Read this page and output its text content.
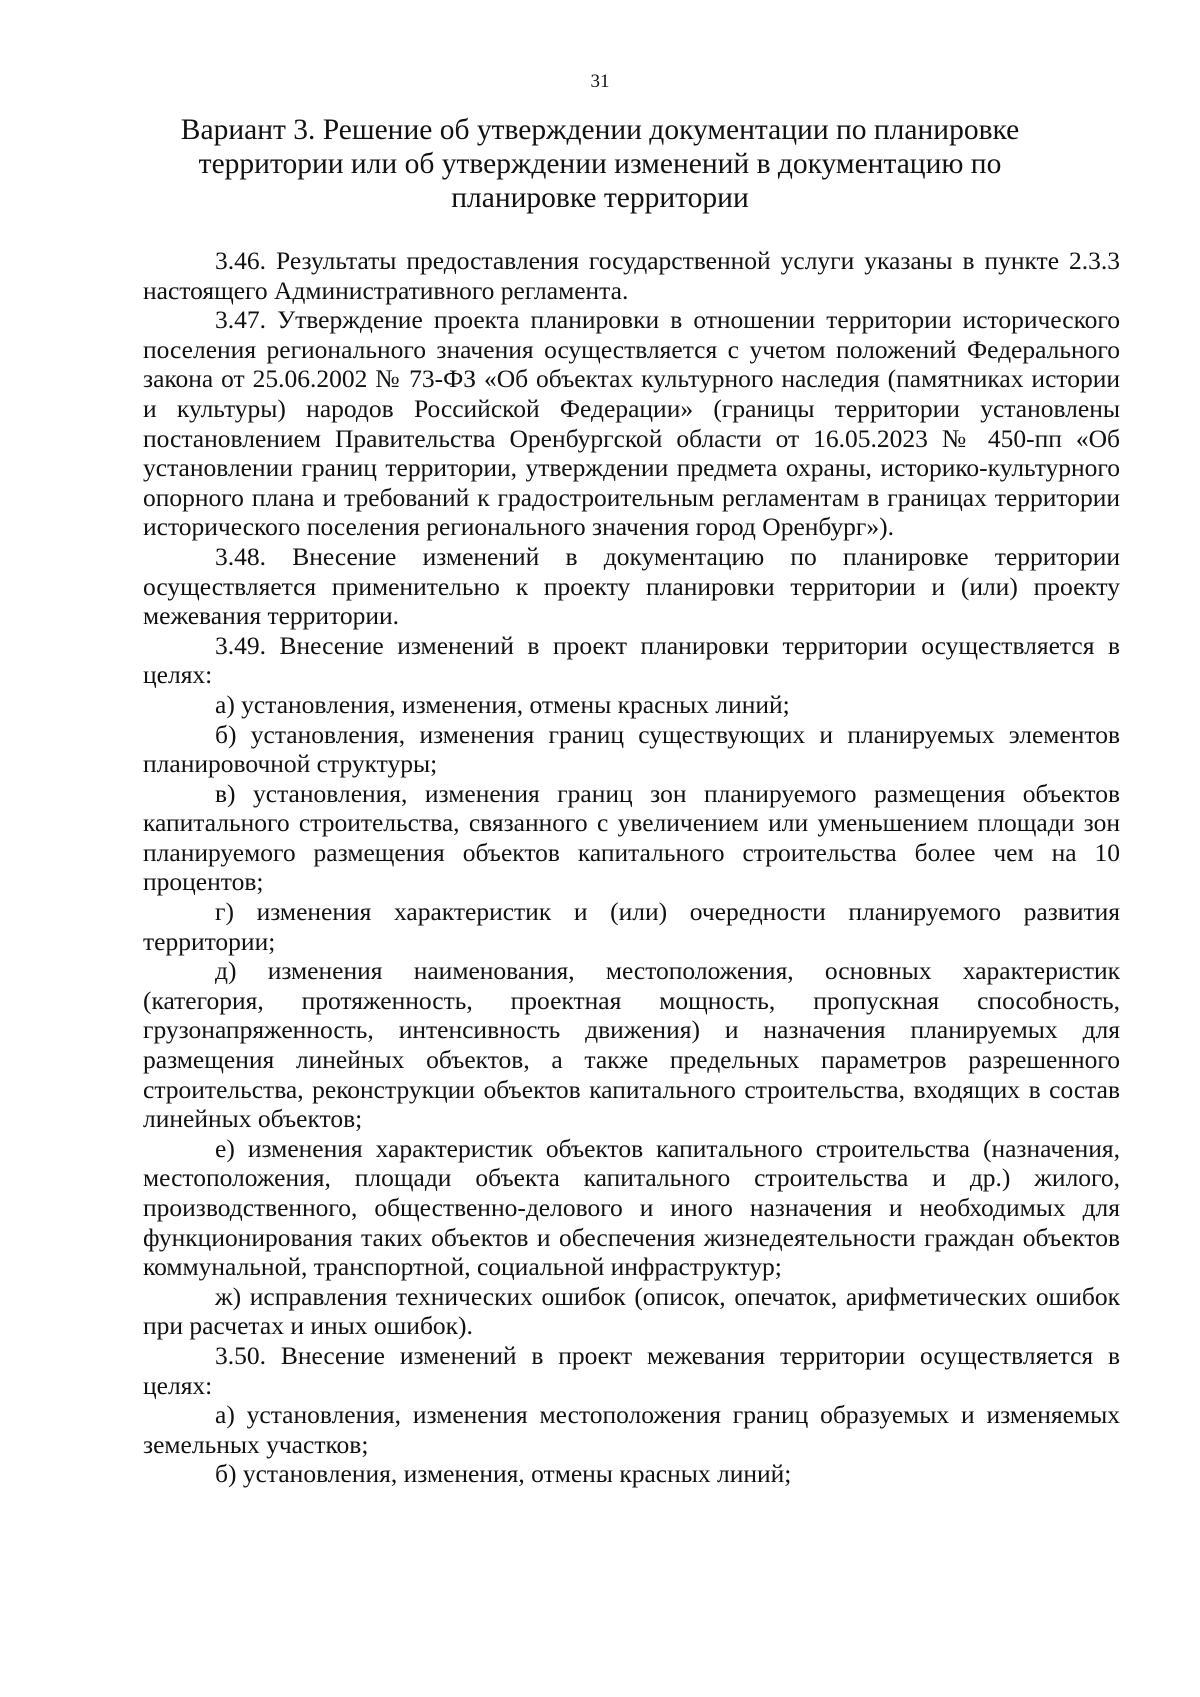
31
Вариант 3. Решение об утверждении документации по планировке территории или об утверждении изменений в документацию по планировке территории

3.46. Результаты предоставления государственной услуги указаны в пункте 2.3.3 настоящего Административного регламента.

3.47. Утверждение проекта планировки в отношении территории исторического поселения регионального значения осуществляется с учетом положений Федерального закона от 25.06.2002 № 73-ФЗ «Об объектах культурного наследия (памятниках истории и культуры) народов Российской Федерации» (границы территории установлены постановлением Правительства Оренбургской области от 16.05.2023 № 450-пп «Об установлении границ территории, утверждении предмета охраны, историко-культурного опорного плана и требований к градостроительным регламентам в границах территории исторического поселения регионального значения город Оренбург»).

3.48. Внесение изменений в документацию по планировке территории осуществляется применительно к проекту планировки территории и (или) проекту межевания территории.

3.49. Внесение изменений в проект планировки территории осуществляется в целях:

а) установления, изменения, отмены красных линий;

б) установления, изменения границ существующих и планируемых элементов планировочной структуры;

в) установления, изменения границ зон планируемого размещения объектов капитального строительства, связанного с увеличением или уменьшением площади зон планируемого размещения объектов капитального строительства более чем на 10 процентов;

г) изменения характеристик и (или) очередности планируемого развития территории;

д) изменения наименования, местоположения, основных характеристик (категория, протяженность, проектная мощность, пропускная способность, грузонапряженность, интенсивность движения) и назначения планируемых для размещения линейных объектов, а также предельных параметров разрешенного строительства, реконструкции объектов капитального строительства, входящих в состав линейных объектов;

е) изменения характеристик объектов капитального строительства (назначения, местоположения, площади объекта капитального строительства и др.) жилого, производственного, общественно-делового и иного назначения и необходимых для функционирования таких объектов и обеспечения жизнедеятельности граждан объектов коммунальной, транспортной, социальной инфраструктур;

ж) исправления технических ошибок (описок, опечаток, арифметических ошибок при расчетах и иных ошибок).

3.50. Внесение изменений в проект межевания территории осуществляется в целях:

а) установления, изменения местоположения границ образуемых и изменяемых земельных участков;

б) установления, изменения, отмены красных линий;
